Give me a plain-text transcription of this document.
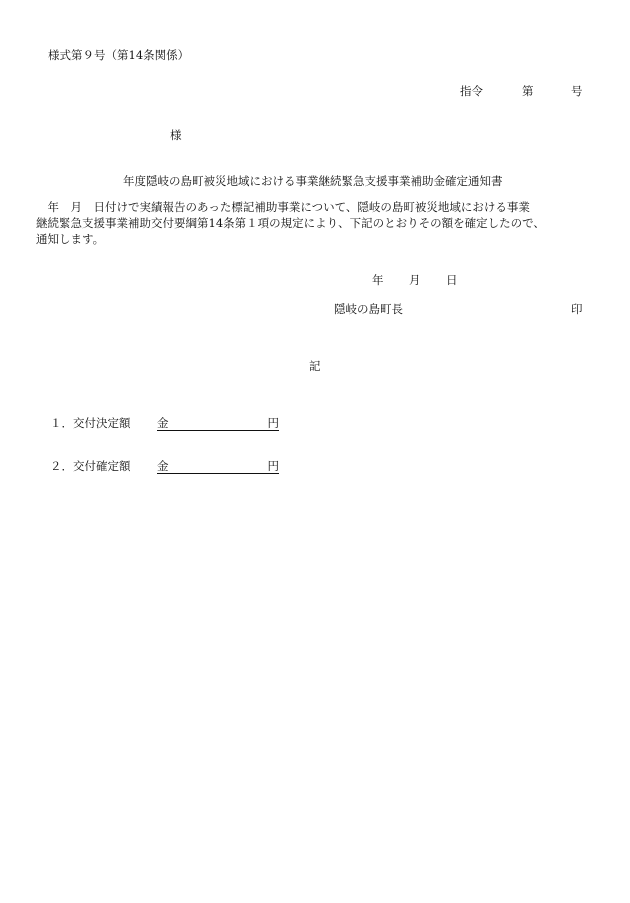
様式第９号（第14条関係）
指令	第	号
様
年度隠岐の島町被災地域における事業継続緊急支援事業補助金確定通知書
　年　月　日付けで実績報告のあった標記補助事業について、隠岐の島町被災地域における事業
継続緊急支援事業補助交付要綱第14条第１項の規定により、下記のとおりその額を確定したので、
通知します。
年 月 日
隠岐の島町長	印
記
１．交付決定額 金	円
２．交付確定額 金	円
